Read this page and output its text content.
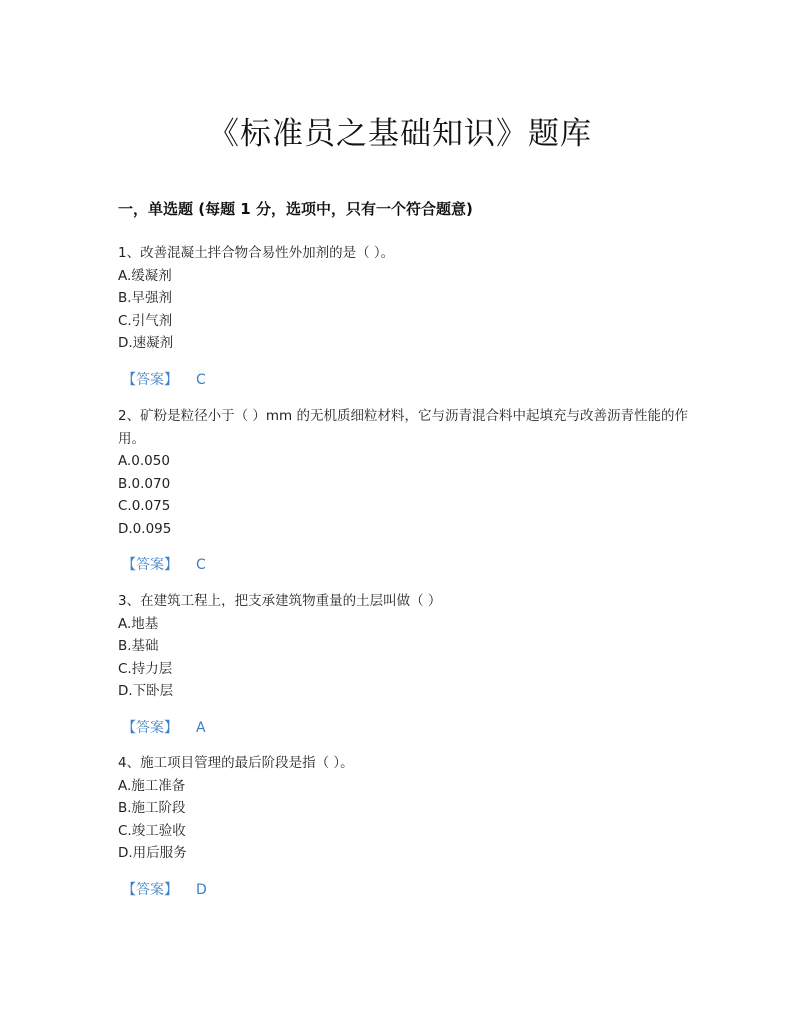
《标准员之基础知识》题库
一，单选题 (每题 1 分，选项中，只有一个符合题意)

1、改善混凝土拌合物合易性外加剂的是（ ）。

A.缓凝剂

B.早强剂

C.引气剂

D.速凝剂

【答案】 C

2、矿粉是粒径小于（ ）mm 的无机质细粒材料，它与沥青混合料中起填充与改善沥青性能的作用。

A.0.050

B.0.070

C.0.075

D.0.095

【答案】 C

3、在建筑工程上，把支承建筑物重量的土层叫做（ ）

A.地基

B.基础

C.持力层

D.下卧层

【答案】 A

4、施工项目管理的最后阶段是指（ ）。

A.施工准备

B.施工阶段

C.竣工验收

D.用后服务

【答案】 D
